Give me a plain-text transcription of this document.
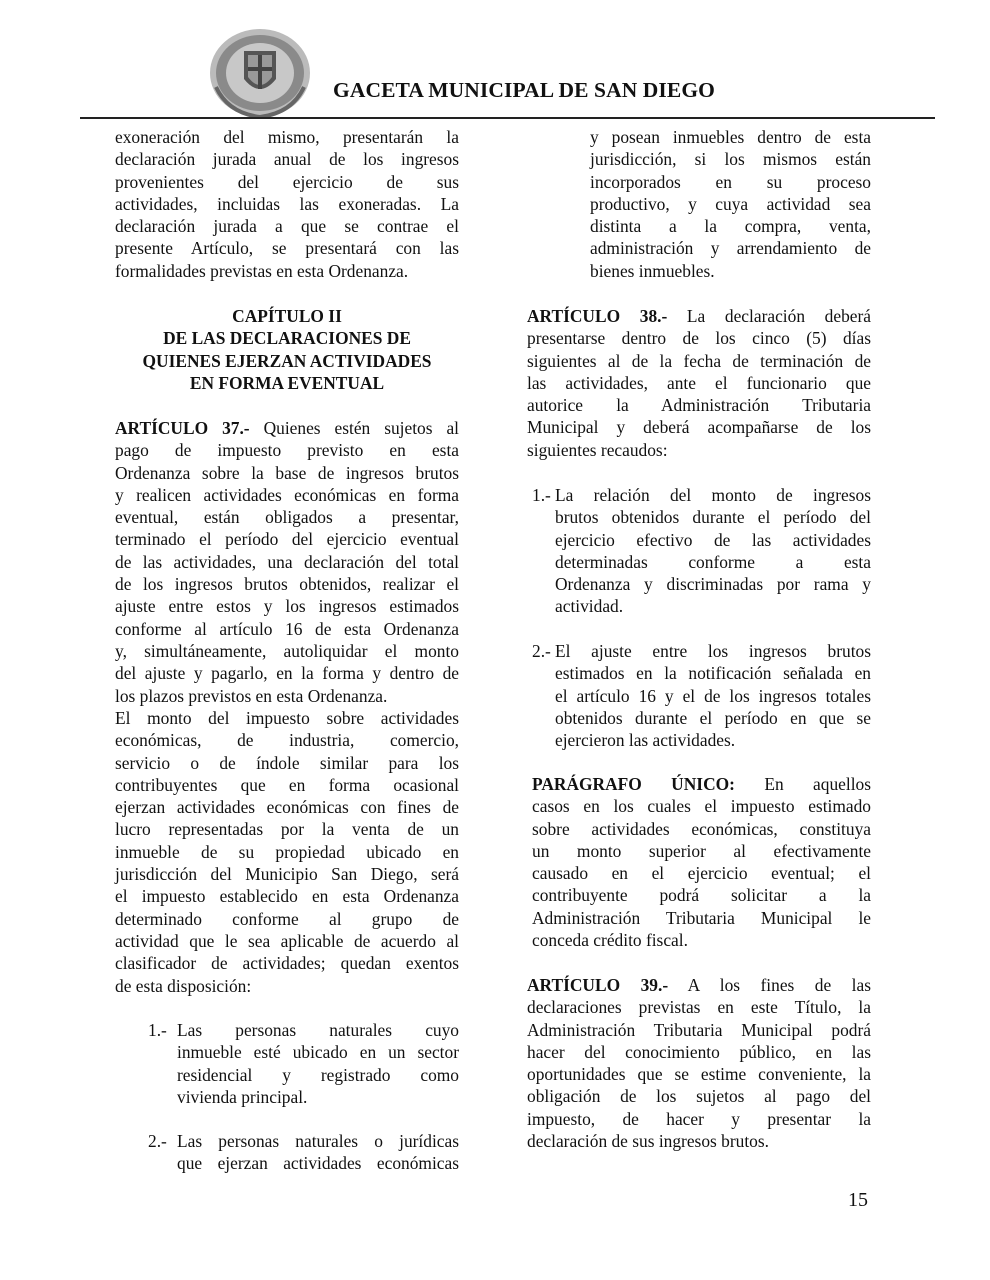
GACETA MUNICIPAL DE SAN DIEGO
exoneración del mismo, presentarán la
declaración jurada anual de los ingresos
provenientes del ejercicio de sus
actividades, incluidas las exoneradas. La
declaración jurada a que se contrae el
presente Artículo, se presentará con las
formalidades previstas en esta Ordenanza.
CAPÍTULO II
DE LAS DECLARACIONES DE
QUIENES EJERZAN ACTIVIDADES
EN FORMA EVENTUAL
ARTÍCULO 37.- Quienes estén sujetos al
pago de impuesto previsto en esta
Ordenanza sobre la base de ingresos brutos
y realicen actividades económicas en forma
eventual, están obligados a presentar,
terminado el período del ejercicio eventual
de las actividades, una declaración del total
de los ingresos brutos obtenidos, realizar el
ajuste entre estos y los ingresos estimados
conforme al artículo 16 de esta Ordenanza
y, simultáneamente, autoliquidar el monto
del ajuste y pagarlo, en la forma y dentro de
los plazos previstos en esta Ordenanza.
El monto del impuesto sobre actividades
económicas, de industria, comercio,
servicio o de índole similar para los
contribuyentes que en forma ocasional
ejerzan actividades económicas con fines de
lucro representadas por la venta de un
inmueble de su propiedad ubicado en
jurisdicción del Municipio San Diego, será
el impuesto establecido en esta Ordenanza
determinado conforme al grupo de
actividad que le sea aplicable de acuerdo al
clasificador de actividades; quedan exentos
de esta disposición:
1.- Las personas naturales cuyo
inmueble esté ubicado en un sector
residencial y registrado como
vivienda principal.
2.- Las personas naturales o jurídicas
que ejerzan actividades económicas
y posean inmuebles dentro de esta
jurisdicción, si los mismos están
incorporados en su proceso
productivo, y cuya actividad sea
distinta a la compra, venta,
administración y arrendamiento de
bienes inmuebles.
ARTÍCULO 38.- La declaración deberá
presentarse dentro de los cinco (5) días
siguientes al de la fecha de terminación de
las actividades, ante el funcionario que
autorice la Administración Tributaria
Municipal y deberá acompañarse de los
siguientes recaudos:
1.- La relación del monto de ingresos
brutos obtenidos durante el período del
ejercicio efectivo de las actividades
determinadas conforme a esta
Ordenanza y discriminadas por rama y
actividad.
2.- El ajuste entre los ingresos brutos
estimados en la notificación señalada en
el artículo 16 y el de los ingresos totales
obtenidos durante el período en que se
ejercieron las actividades.
PARÁGRAFO ÚNICO: En aquellos
casos en los cuales el impuesto estimado
sobre actividades económicas, constituya
un monto superior al efectivamente
causado en el ejercicio eventual; el
contribuyente podrá solicitar a la
Administración Tributaria Municipal le
conceda crédito fiscal.
ARTÍCULO 39.- A los fines de las
declaraciones previstas en este Título, la
Administración Tributaria Municipal podrá
hacer del conocimiento público, en las
oportunidades que se estime conveniente, la
obligación de los sujetos al pago del
impuesto, de hacer y presentar la
declaración de sus ingresos brutos.
15
